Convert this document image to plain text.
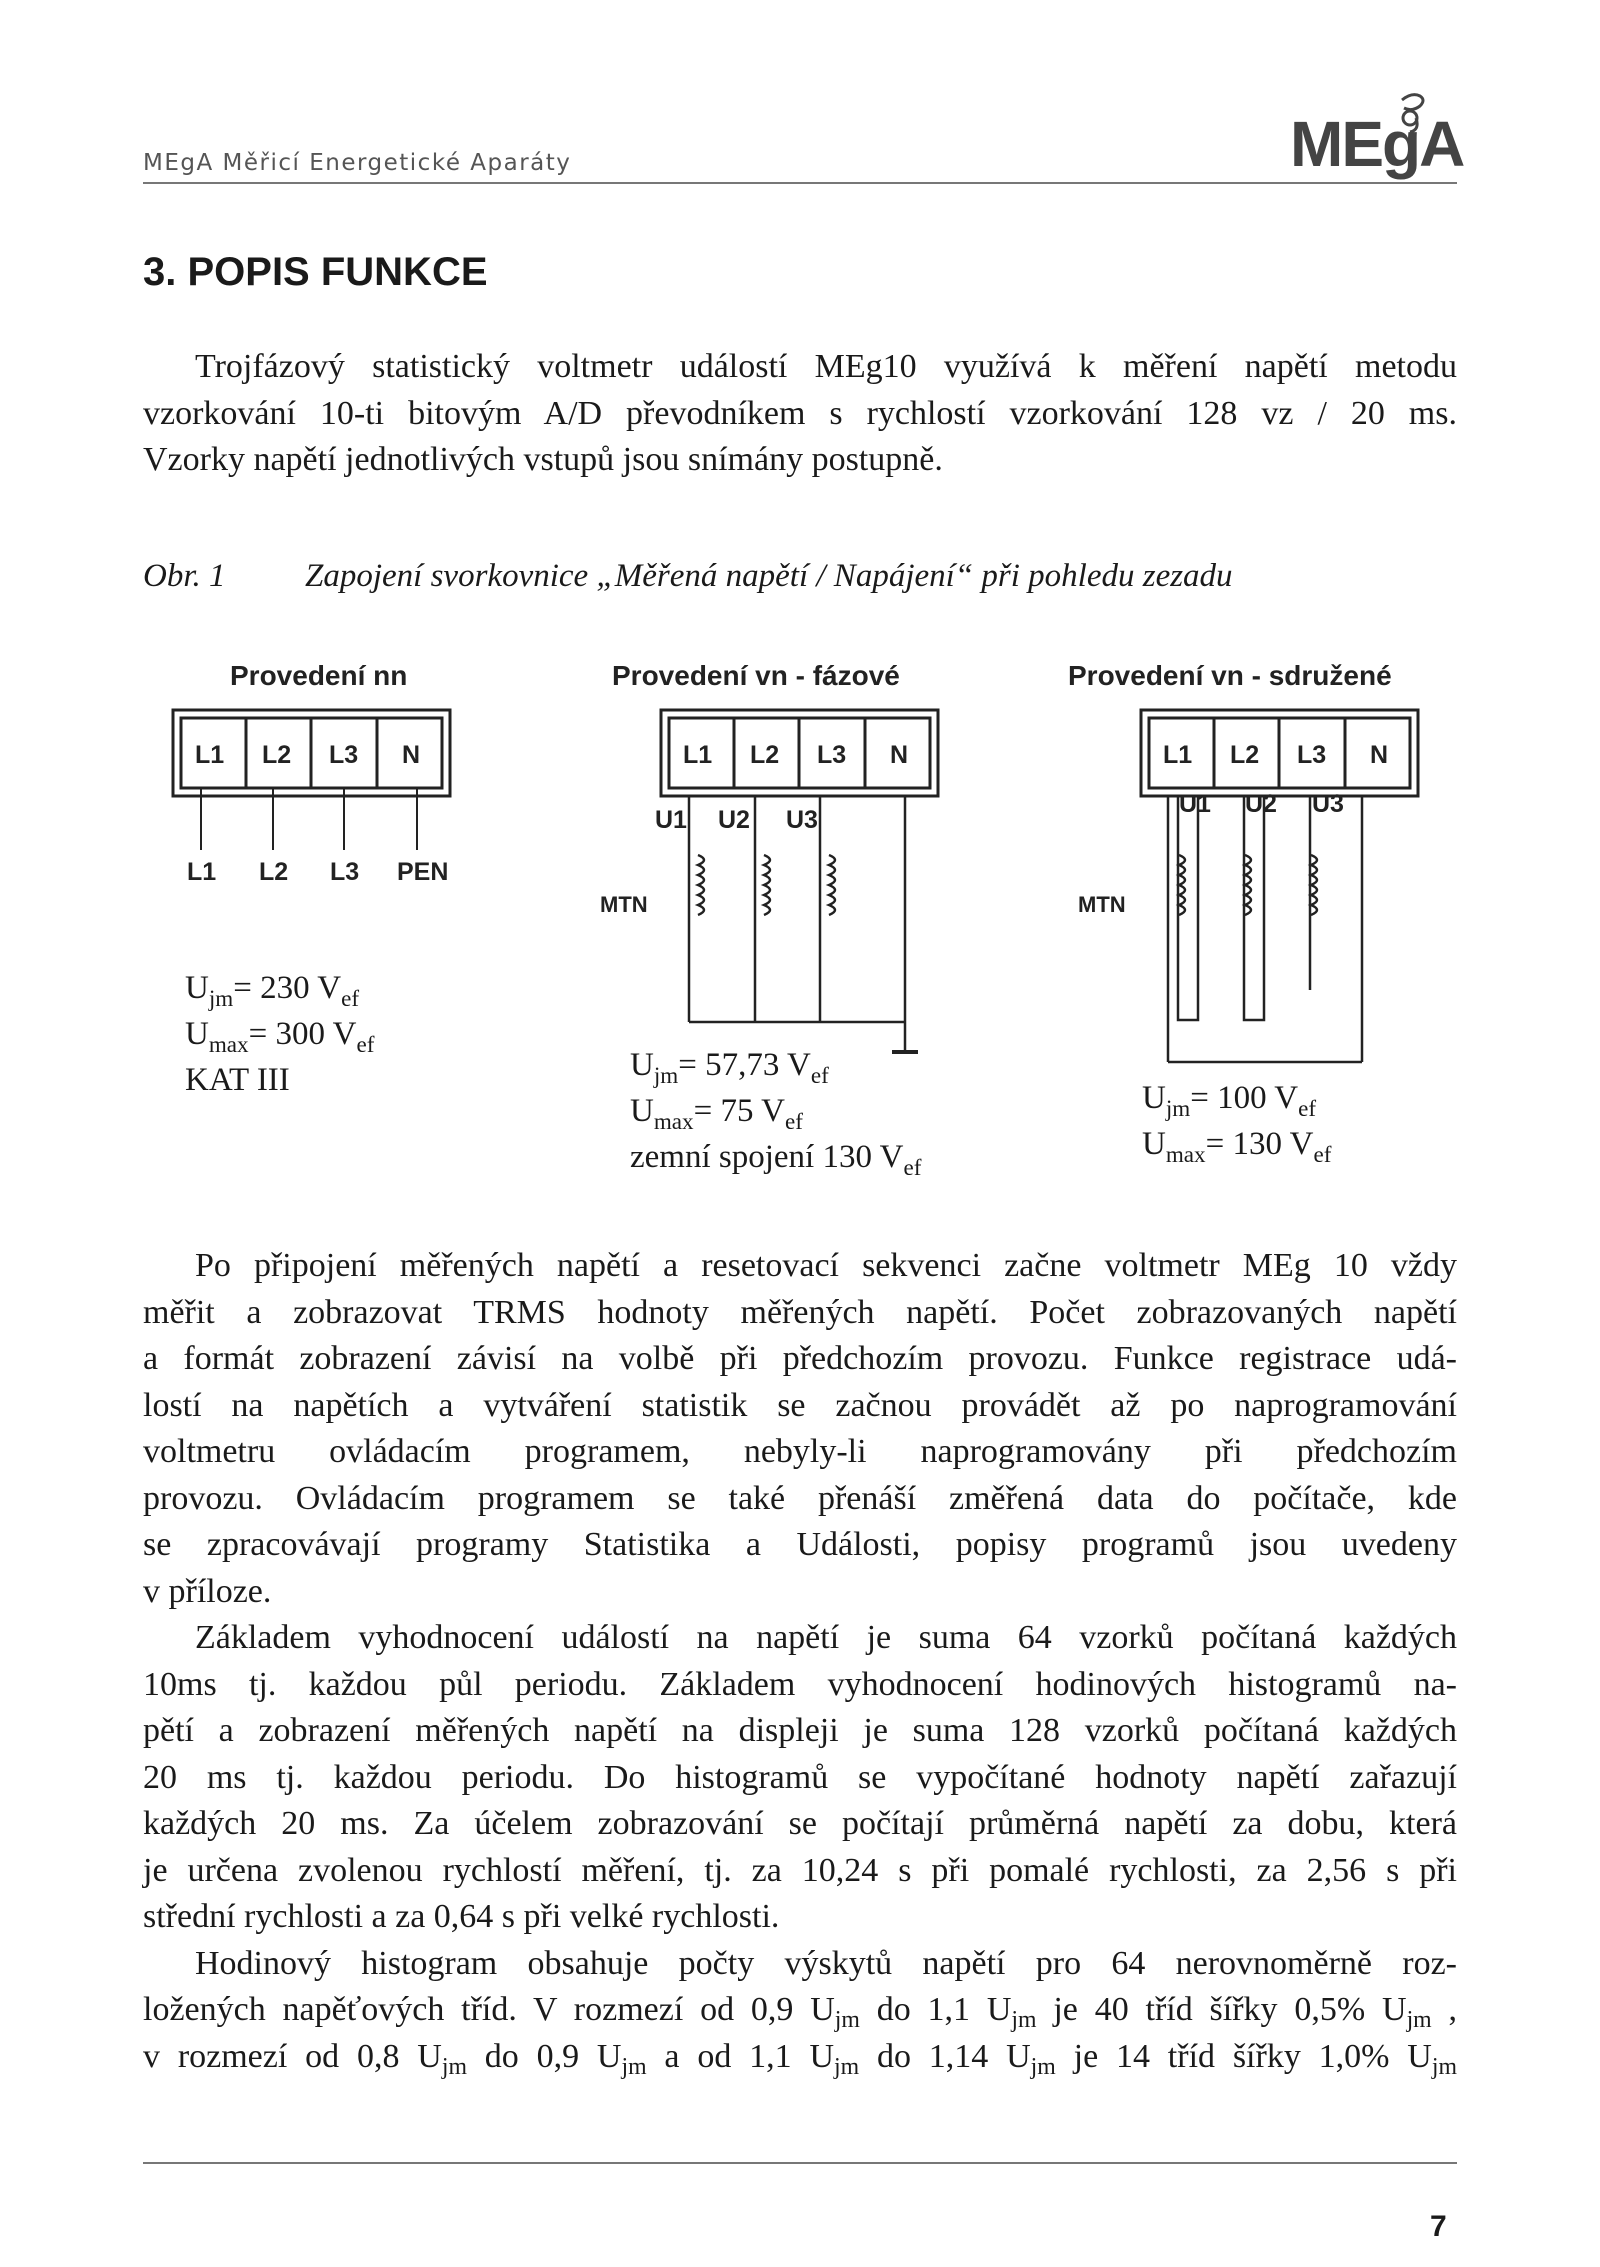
MEgA Měřicí Energetické Aparáty	MEgA
3. POPIS FUNKCE
Trojfázový statistický voltmetr událostí MEg10 využívá k měření napětí metodu
vzorkování 10-ti bitovým A/D převodníkem s rychlostí vzorkování 128 vz / 20 ms.
Vzorky napětí jednotlivých vstupů jsou snímány postupně.
Obr. 1 Zapojení svorkovnice „Měřená napětí / Napájení“ při pohledu zezadu
Provedení nn	Provedení vn - fázové	Provedení vn - sdružené
L1 L2 L3 N
L1 L2 L3 PEN
L1 L2 L3 N
U1 U2 U3
MTN
L1 L2 L3 N
U1 U2 U3
MTN
$U_{jm}= 230$ $V_{ef}$
$U_{max}= 300$ $V_{ef}$
KAT III	$U_{jm}= 57,73$ $V_{ef}$
$U_{max}= 75$ $V_{ef}$
zemní spojení 130 $V_{ef}$
$U_{jm}= 100$ $V_{ef}$
$U_{max}= 130$ $V_{ef}$
Po připojení měřených napětí a resetovací sekvenci začne voltmetr MEg 10 vždy
měřit a zobrazovat TRMS hodnoty měřených napětí. Počet zobrazovaných napětí
a formát zobrazení závisí na volbě při předchozím provozu. Funkce registrace udá-
lostí na napětích a vytváření statistik se začnou provádět až po naprogramování
voltmetru ovládacím programem, nebyly-li naprogramovány při předchozím
provozu. Ovládacím programem se také přenáší změřená data do počítače, kde
se zpracovávají programy Statistika a Události, popisy programů jsou uvedeny
v příloze.
Základem vyhodnocení událostí na napětí je suma 64 vzorků počítaná každých
10ms tj. každou půl periodu. Základem vyhodnocení hodinových histogramů na-
pětí a zobrazení měřených napětí na displeji je suma 128 vzorků počítaná každých
20 ms tj. každou periodu. Do histogramů se vypočítané hodnoty napětí zařazují
každých 20 ms. Za účelem zobrazování se počítají průměrná napětí za dobu, která
je určena zvolenou rychlostí měření, tj. za 10,24 s při pomalé rychlosti, za 2,56 s při
střední rychlosti a za 0,64 s při velké rychlosti.
Hodinový histogram obsahuje počty výskytů napětí pro 64 nerovnoměrně roz-
ložených napěťových tříd. V rozmezí od 0,9 $U_{jm}$ do 1,1 $U_{jm}$ je 40 tříd šířky 0,5% $U_{jm}$ ,
v rozmezí od 0,8 $U_{jm}$ do 0,9 $U_{jm}$ a od 1,1 $U_{jm}$ do 1,14 $U_{jm}$ je 14 tříd šířky 1,0% $U_{jm}$
7
